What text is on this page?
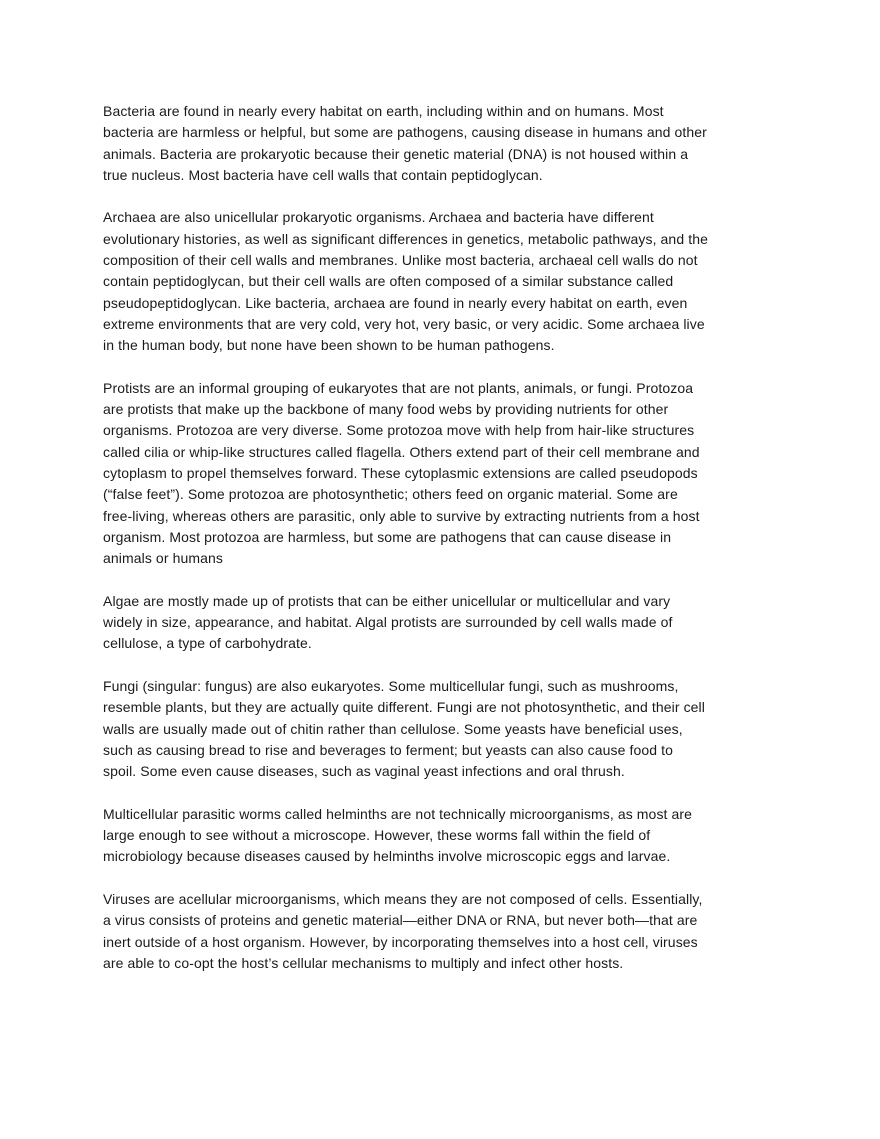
Bacteria are found in nearly every habitat on earth, including within and on humans. Most
bacteria are harmless or helpful, but some are pathogens, causing disease in humans and other
animals. Bacteria are prokaryotic because their genetic material (DNA) is not housed within a
true nucleus. Most bacteria have cell walls that contain peptidoglycan.
Archaea are also unicellular prokaryotic organisms. Archaea and bacteria have different
evolutionary histories, as well as significant differences in genetics, metabolic pathways, and the
composition of their cell walls and membranes. Unlike most bacteria, archaeal cell walls do not
contain peptidoglycan, but their cell walls are often composed of a similar substance called
pseudopeptidoglycan. Like bacteria, archaea are found in nearly every habitat on earth, even
extreme environments that are very cold, very hot, very basic, or very acidic. Some archaea live
in the human body, but none have been shown to be human pathogens.
Protists are an informal grouping of eukaryotes that are not plants, animals, or fungi. Protozoa
are protists that make up the backbone of many food webs by providing nutrients for other
organisms. Protozoa are very diverse. Some protozoa move with help from hair-like structures
called cilia or whip-like structures called flagella. Others extend part of their cell membrane and
cytoplasm to propel themselves forward. These cytoplasmic extensions are called pseudopods
(“false feet”). Some protozoa are photosynthetic; others feed on organic material. Some are
free-living, whereas others are parasitic, only able to survive by extracting nutrients from a host
organism. Most protozoa are harmless, but some are pathogens that can cause disease in
animals or humans
Algae are mostly made up of protists that can be either unicellular or multicellular and vary
widely in size, appearance, and habitat. Algal protists are surrounded by cell walls made of
cellulose, a type of carbohydrate.
Fungi (singular: fungus) are also eukaryotes. Some multicellular fungi, such as mushrooms,
resemble plants, but they are actually quite different. Fungi are not photosynthetic, and their cell
walls are usually made out of chitin rather than cellulose. Some yeasts have beneficial uses,
such as causing bread to rise and beverages to ferment; but yeasts can also cause food to
spoil. Some even cause diseases, such as vaginal yeast infections and oral thrush.
Multicellular parasitic worms called helminths are not technically microorganisms, as most are
large enough to see without a microscope. However, these worms fall within the field of
microbiology because diseases caused by helminths involve microscopic eggs and larvae.
Viruses are acellular microorganisms, which means they are not composed of cells. Essentially,
a virus consists of proteins and genetic material—either DNA or RNA, but never both—that are
inert outside of a host organism. However, by incorporating themselves into a host cell, viruses
are able to co-opt the host’s cellular mechanisms to multiply and infect other hosts.
